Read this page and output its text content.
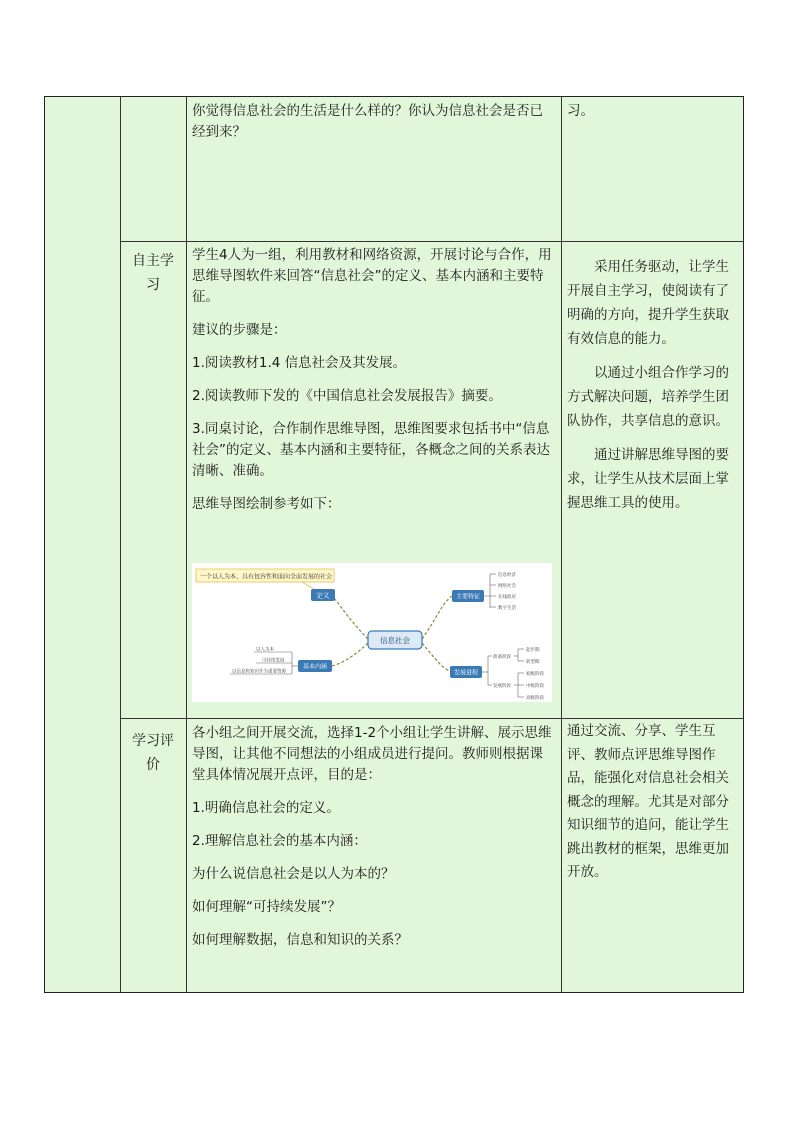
你觉得信息社会的生活是什么样的？你认为信息社会是否已经到来？

习。

自主学
习

学生4人为一组，利用教材和网络资源，开展讨论与合作，用思维导图软件来回答“信息社会”的定义、基本内涵和主要特征。

建议的步骤是：

1.阅读教材1.4 信息社会及其发展。

2.阅读教师下发的《中国信息社会发展报告》摘要。

3.同桌讨论，合作制作思维导图，思维图要求包括书中“信息社会”的定义、基本内涵和主要特征，各概念之间的关系表达清晰、准确。

思维导图绘制参考如下：

采用任务驱动，让学生开展自主学习，使阅读有了明确的方向，提升学生获取有效信息的能力。

以通过小组合作学习的方式解决问题，培养学生团队协作，共享信息的意识。

通过讲解思维导图的要求，让学生从技术层面上掌握思维工具的使用。

一个以人为本、具有包容性和面向全面发展的社会
定义
信息社会
主要特征
信息经济
网络社会
在线政府
数字生活
基本内涵
以人为本
可持续发展
以信息和知识作为重要资源	发展进程
准备阶段
发展阶段
起步期
转型期
初级阶段
中级阶段
高级阶段
学习评
价

各小组之间开展交流，选择1-2个小组让学生讲解、展示思维导图，让其他不同想法的小组成员进行提问。教师则根据课堂具体情况展开点评，目的是：

1.明确信息社会的定义。

2.理解信息社会的基本内涵：

为什么说信息社会是以人为本的？

如何理解“可持续发展”？

如何理解数据，信息和知识的关系？

通过交流、分享、学生互评、教师点评思维导图作品，能强化对信息社会相关概念的理解。尤其是对部分知识细节的追问，能让学生跳出教材的框架，思维更加开放。
